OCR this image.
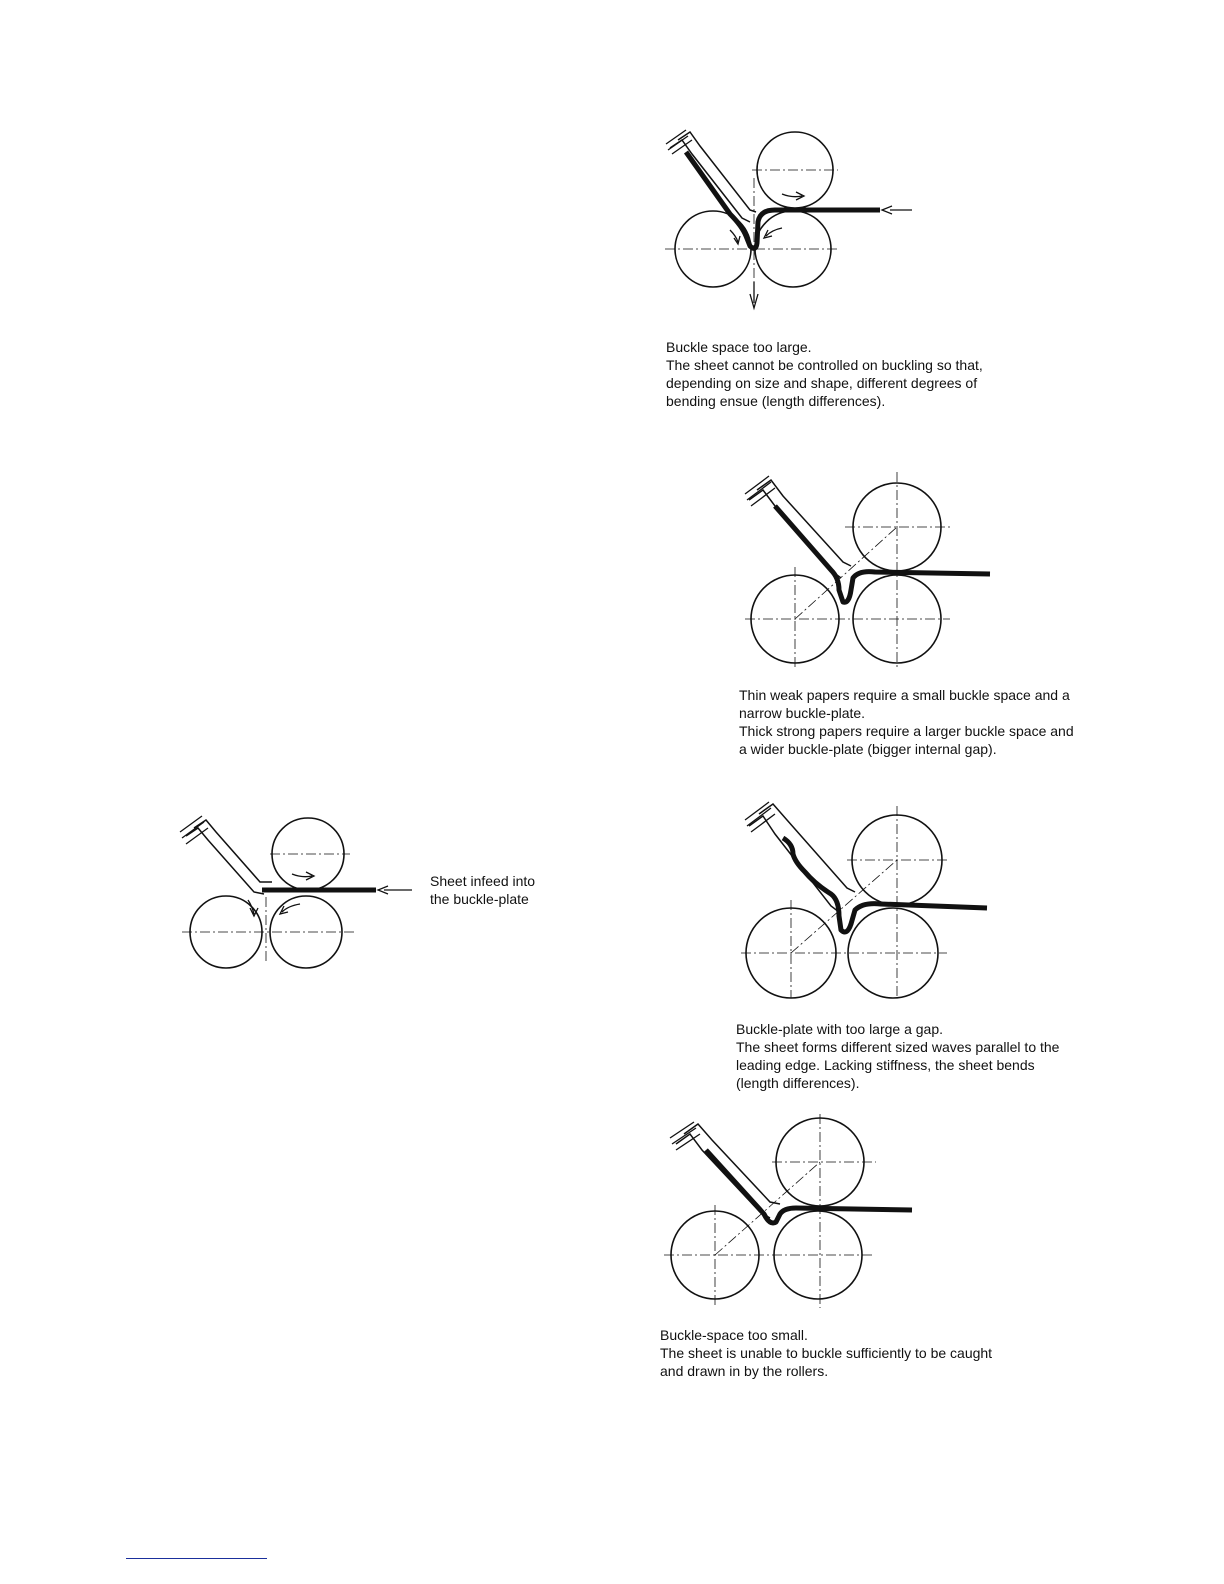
Buckle space too large.

The sheet cannot be controlled on buckling so that,
depending on size and shape, different degrees of
bending ensue (length differences).

Thin weak papers require a small buckle space and a

narrow buckle-plate.

Thick strong papers require a larger buckle space and

a wider buckle-plate (bigger internal gap).

Sheet infeed into
the buckle-plate

Buckle-plate with too large a gap.

The sheet forms different sized waves parallel to the
leading edge. Lacking stiffness, the sheet bends
(length differences).

Buckle-space too small.

The sheet is unable to buckle sufficiently to be caught
and drawn in by the rollers.
